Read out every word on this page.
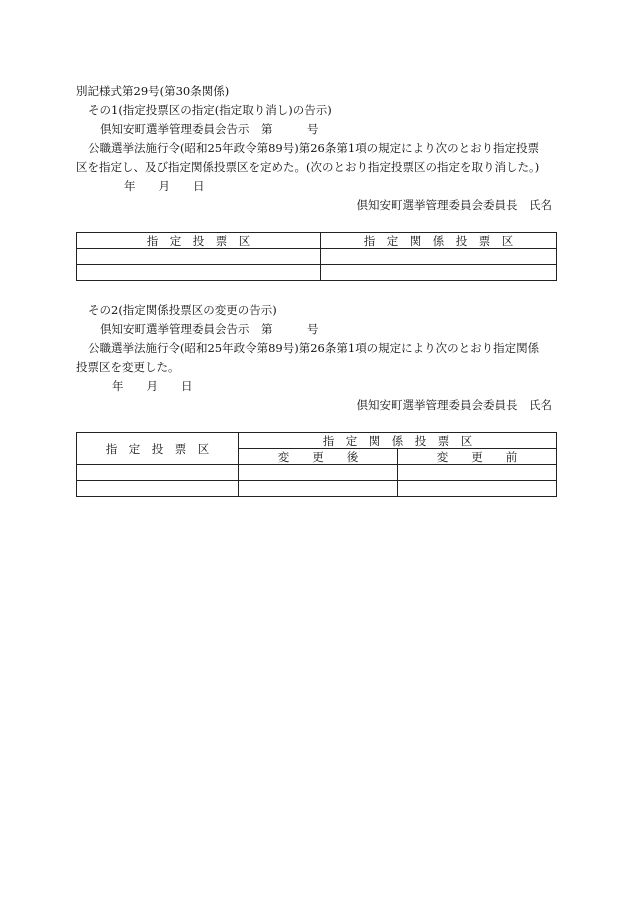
別記様式第29号(第30条関係)
その1(指定投票区の指定(指定取り消し)の告示)
倶知安町選挙管理委員会告示　第　　　号
公職選挙法施行令(昭和25年政令第89号)第26条第1項の規定により次のとおり指定投票
区を指定し、及び指定関係投票区を定めた。(次のとおり指定投票区の指定を取り消した。)
年　　月　　日
倶知安町選挙管理委員会委員長　氏名
指　定　投　票　区	指　定　関　係　投　票　区

その2(指定関係投票区の変更の告示)
倶知安町選挙管理委員会告示　第　　　号
公職選挙法施行令(昭和25年政令第89号)第26条第1項の規定により次のとおり指定関係
投票区を変更した。
年　　月　　日
倶知安町選挙管理委員会委員長　氏名
指　定　投　票　区	指　定　関　係　投　票　区	
	変　　更　　後	変　　更　　前
